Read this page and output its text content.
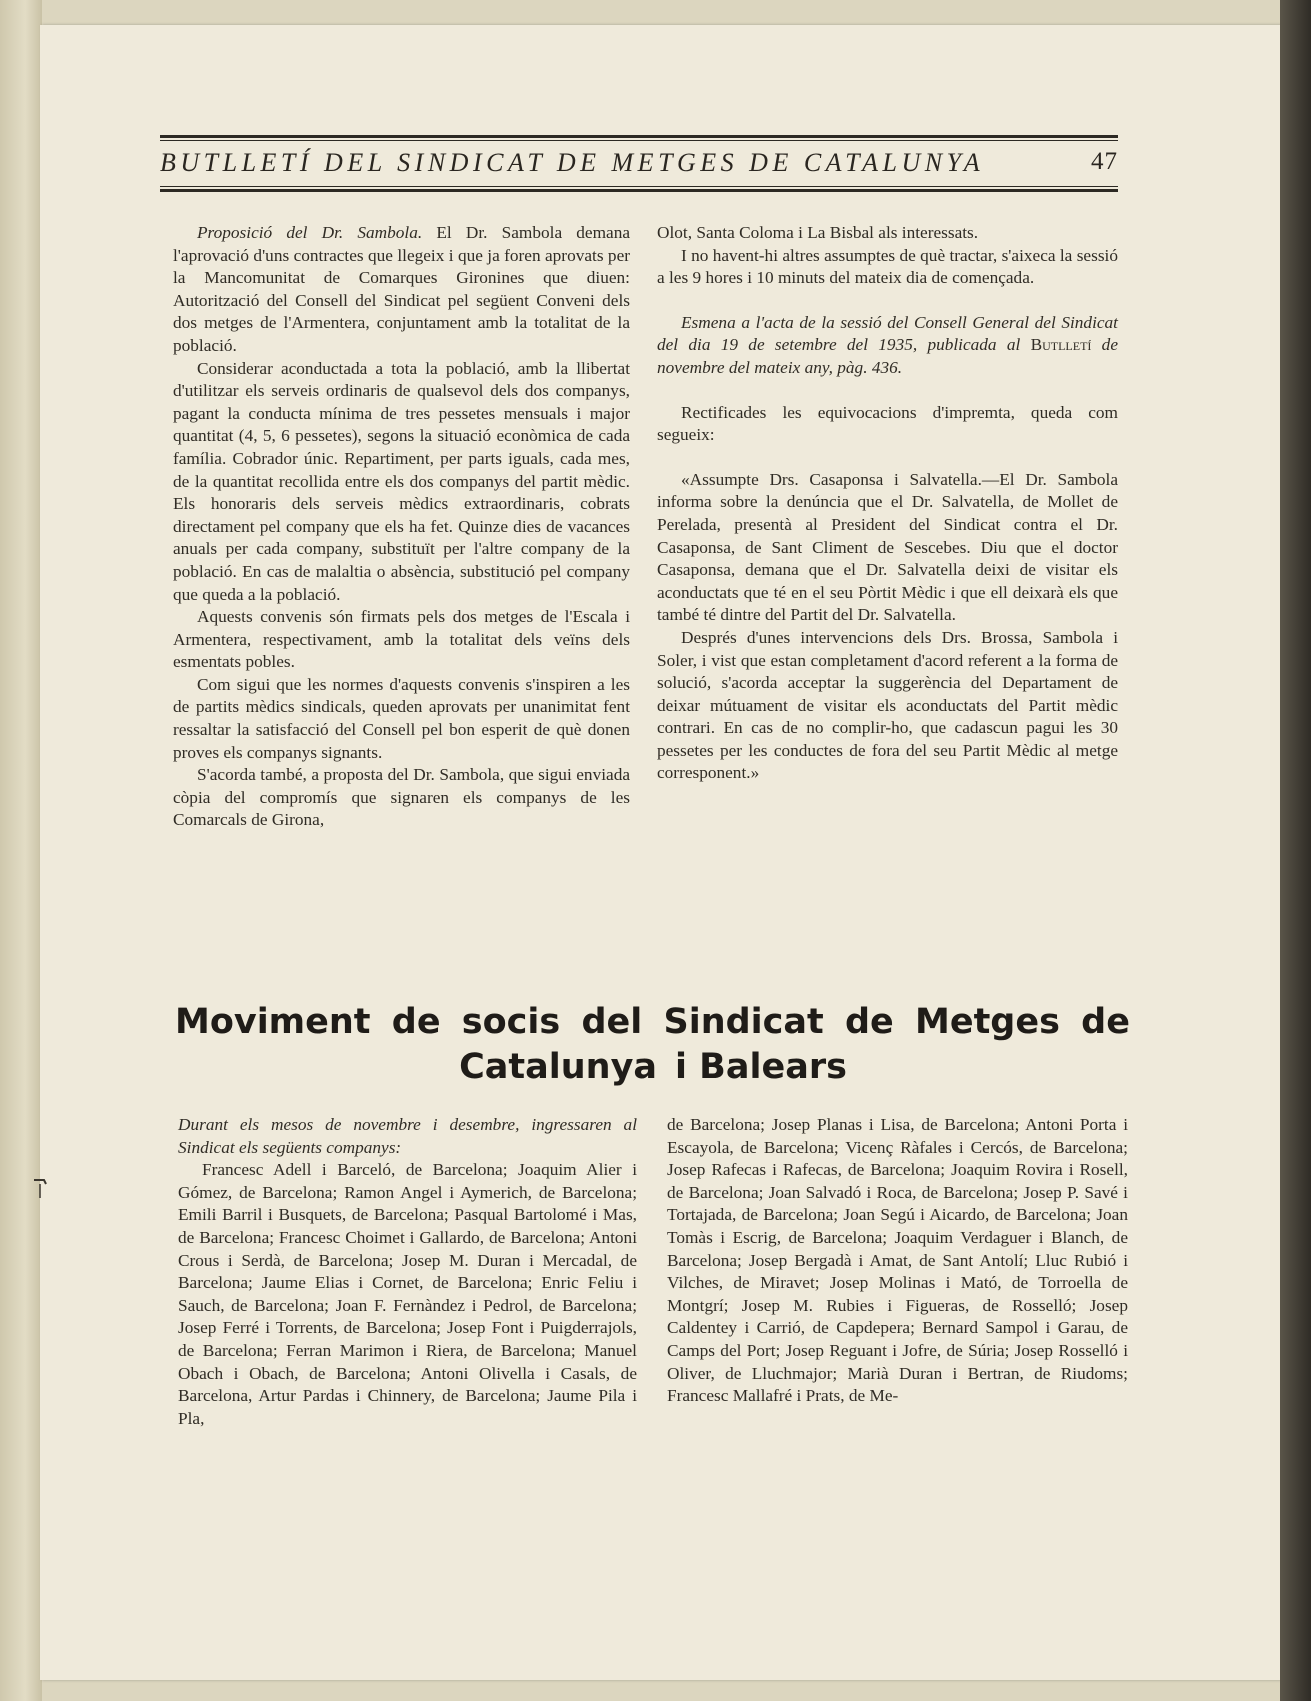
BUTLLETÍ DEL SINDICAT DE METGES DE CATALUNYA	47

Proposició del Dr. Sambola. El Dr. Sambola demana l'aprovació d'uns contractes que llegeix i que ja foren aprovats per la Mancomunitat de Comarques Gironines que diuen: Autorització del Consell del Sindicat pel següent Conveni dels dos metges de l'Armentera, conjuntament amb la totalitat de la població.

Considerar aconductada a tota la població, amb la llibertat d'utilitzar els serveis ordinaris de qualsevol dels dos companys, pagant la conducta mínima de tres pessetes mensuals i major quantitat (4, 5, 6 pessetes), segons la situació econòmica de cada família. Cobrador únic. Repartiment, per parts iguals, cada mes, de la quantitat recollida entre els dos companys del partit mèdic. Els honoraris dels serveis mèdics extraordinaris, cobrats directament pel company que els ha fet. Quinze dies de vacances anuals per cada company, substituït per l'altre company de la població. En cas de malaltia o absència, substitució pel company que queda a la població.

Aquests convenis són firmats pels dos metges de l'Escala i Armentera, respectivament, amb la totalitat dels veïns dels esmentats pobles.

Com sigui que les normes d'aquests convenis s'inspiren a les de partits mèdics sindicals, queden aprovats per unanimitat fent ressaltar la satisfacció del Consell pel bon esperit de què donen proves els companys signants.

S'acorda també, a proposta del Dr. Sambola, que sigui enviada còpia del compromís que signaren els companys de les Comarcals de Girona,

Olot, Santa Coloma i La Bisbal als interessats.

I no havent-hi altres assumptes de què tractar, s'aixeca la sessió a les 9 hores i 10 minuts del mateix dia de començada.

Esmena a l'acta de la sessió del Consell General del Sindicat del dia 19 de setembre del 1935, publicada al Butlletí de novembre del mateix any, pàg. 436.

Rectificades les equivocacions d'impremta, queda com segueix:

«Assumpte Drs. Casaponsa i Salvatella.—El Dr. Sambola informa sobre la denúncia que el Dr. Salvatella, de Mollet de Perelada, presentà al President del Sindicat contra el Dr. Casaponsa, de Sant Climent de Sescebes. Diu que el doctor Casaponsa, demana que el Dr. Salvatella deixi de visitar els aconductats que té en el seu Pòrtit Mèdic i que ell deixarà els que també té dintre del Partit del Dr. Salvatella.

Després d'unes intervencions dels Drs. Brossa, Sambola i Soler, i vist que estan completament d'acord referent a la forma de solució, s'acorda acceptar la suggerència del Departament de deixar mútuament de visitar els aconductats del Partit mèdic contrari. En cas de no complir-ho, que cadascun pagui les 30 pessetes per les conductes de fora del seu Partit Mèdic al metge corresponent.»

Moviment de socis del Sindicat de Metges de
Catalunya i Balears

Durant els mesos de novembre i desembre, ingressaren al Sindicat els següents companys:

Francesc Adell i Barceló, de Barcelona; Joaquim Alier i Gómez, de Barcelona; Ramon Angel i Aymerich, de Barcelona; Emili Barril i Busquets, de Barcelona; Pasqual Bartolomé i Mas, de Barcelona; Francesc Choimet i Gallardo, de Barcelona; Antoni Crous i Serdà, de Barcelona; Josep M. Duran i Mercadal, de Barcelona; Jaume Elias i Cornet, de Barcelona; Enric Feliu i Sauch, de Barcelona; Joan F. Fernàndez i Pedrol, de Barcelona; Josep Ferré i Torrents, de Barcelona; Josep Font i Puigderrajols, de Barcelona; Ferran Marimon i Riera, de Barcelona; Manuel Obach i Obach, de Barcelona; Antoni Olivella i Casals, de Barcelona, Artur Pardas i Chinnery, de Barcelona; Jaume Pila i Pla,

de Barcelona; Josep Planas i Lisa, de Barcelona; Antoni Porta i Escayola, de Barcelona; Vicenç Ràfales i Cercós, de Barcelona; Josep Rafecas i Rafecas, de Barcelona; Joaquim Rovira i Rosell, de Barcelona; Joan Salvadó i Roca, de Barcelona; Josep P. Savé i Tortajada, de Barcelona; Joan Segú i Aicardo, de Barcelona; Joan Tomàs i Escrig, de Barcelona; Joaquim Verdaguer i Blanch, de Barcelona; Josep Bergadà i Amat, de Sant Antolí; Lluc Rubió i Vilches, de Miravet; Josep Molinas i Mató, de Torroella de Montgrí; Josep M. Rubies i Figueras, de Rosselló; Josep Caldentey i Carrió, de Capdepera; Bernard Sampol i Garau, de Camps del Port; Josep Reguant i Jofre, de Súria; Josep Rosselló i Oliver, de Lluchmajor; Marià Duran i Bertran, de Riudoms; Francesc Mallafré i Prats, de Me-
